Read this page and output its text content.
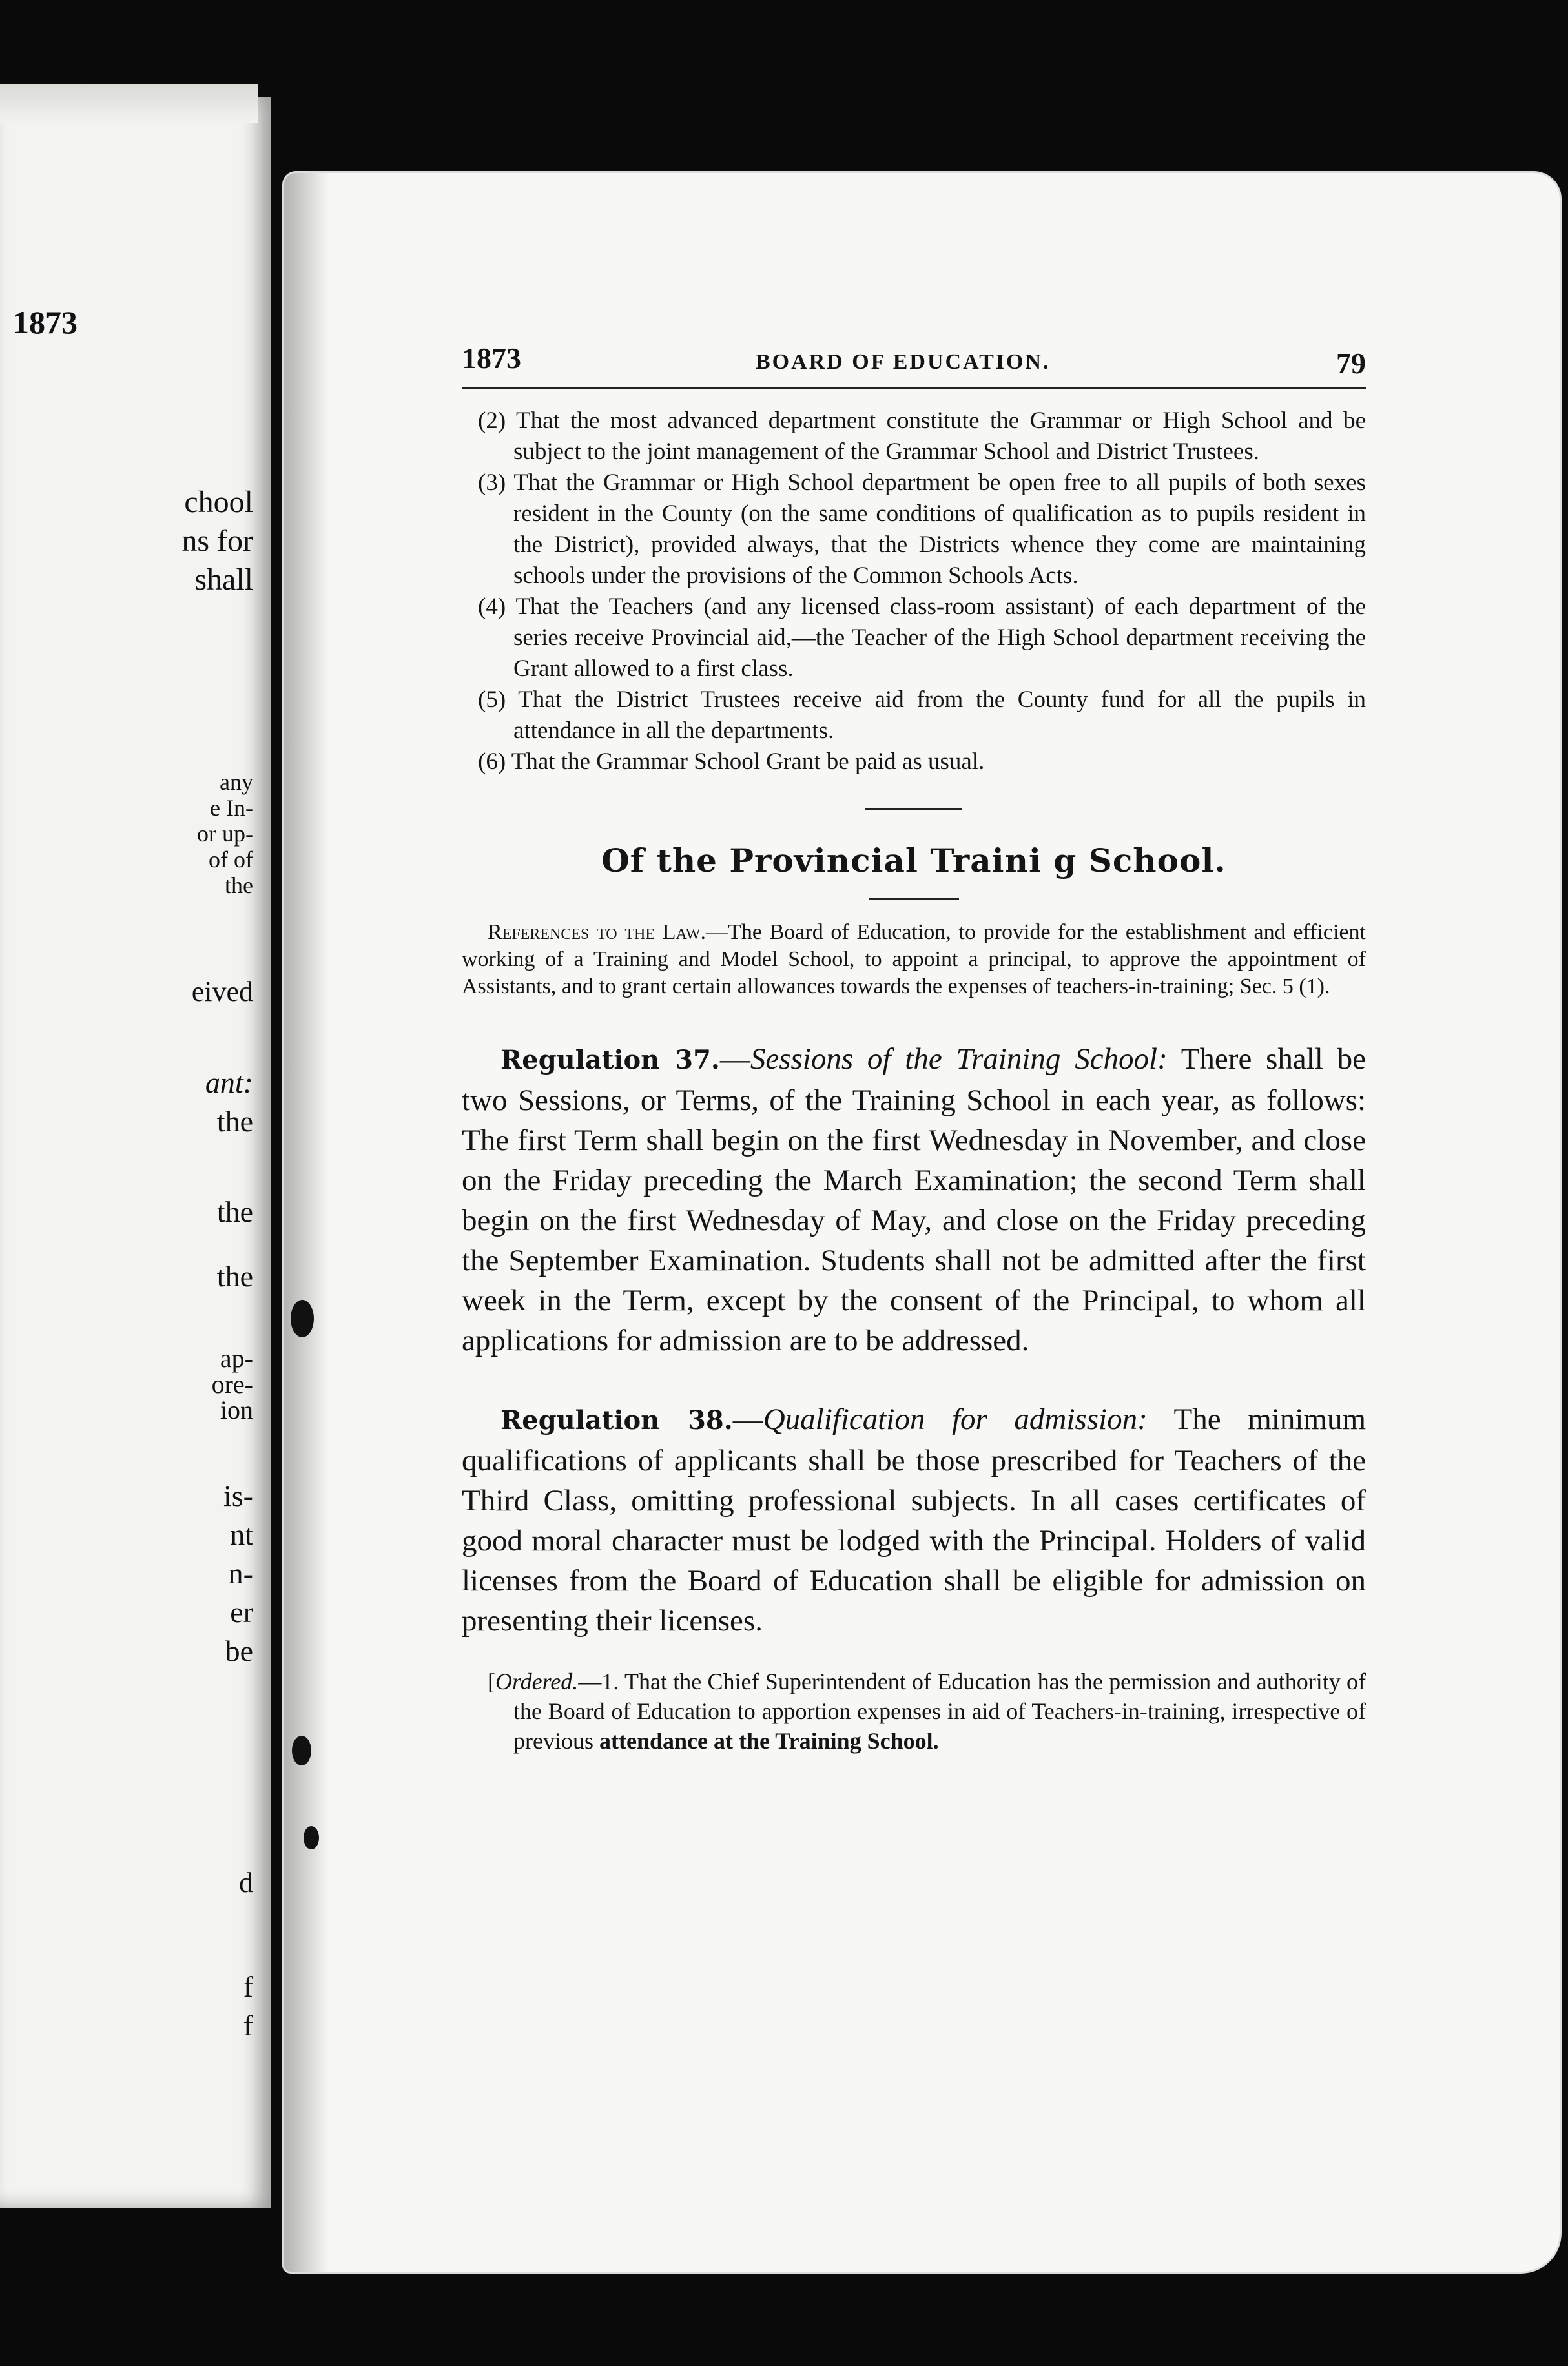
1873
chool
ns for
shall
any
e In-
or up-
of of
the
eived
ant:
the
the
the
ap-
ore-
ion
is-
nt
n-
er
be
d
f
f
1873	BOARD OF EDUCATION.	79

(2) That the most advanced department constitute the Grammar or High School and be subject to the joint management of the Grammar School and District Trustees.

(3) That the Grammar or High School department be open free to all pupils of both sexes resident in the County (on the same conditions of qualification as to pupils resident in the District), provided always, that the Districts whence they come are maintaining schools under the provisions of the Common Schools Acts.

(4) That the Teachers (and any licensed class-room assistant) of each department of the series receive Provincial aid,—the Teacher of the High School department receiving the Grant allowed to a first class.

(5) That the District Trustees receive aid from the County fund for all the pupils in attendance in all the departments.

(6) That the Grammar School Grant be paid as usual.

Of the Provincial Traini g School.

References to the Law.—The Board of Education, to provide for the establishment and efficient working of a Training and Model School, to appoint a principal, to approve the appointment of Assistants, and to grant certain allowances towards the expenses of teachers-in-training; Sec. 5 (1).

Regulation 37.—Sessions of the Training School: There shall be two Sessions, or Terms, of the Training School in each year, as follows: The first Term shall begin on the first Wednesday in November, and close on the Friday preceding the March Examination; the second Term shall begin on the first Wednesday of May, and close on the Friday preceding the September Examination. Students shall not be admitted after the first week in the Term, except by the consent of the Principal, to whom all applications for admission are to be addressed.

Regulation 38.—Qualification for admission: The minimum qualifications of applicants shall be those prescribed for Teachers of the Third Class, omitting professional subjects. In all cases certificates of good moral character must be lodged with the Principal. Holders of valid licenses from the Board of Education shall be eligible for admission on presenting their licenses.

[Ordered.—1. That the Chief Superintendent of Education has the permission and authority of the Board of Education to apportion expenses in aid of Teachers-in-training, irrespective of previous attendance at the Training School.
